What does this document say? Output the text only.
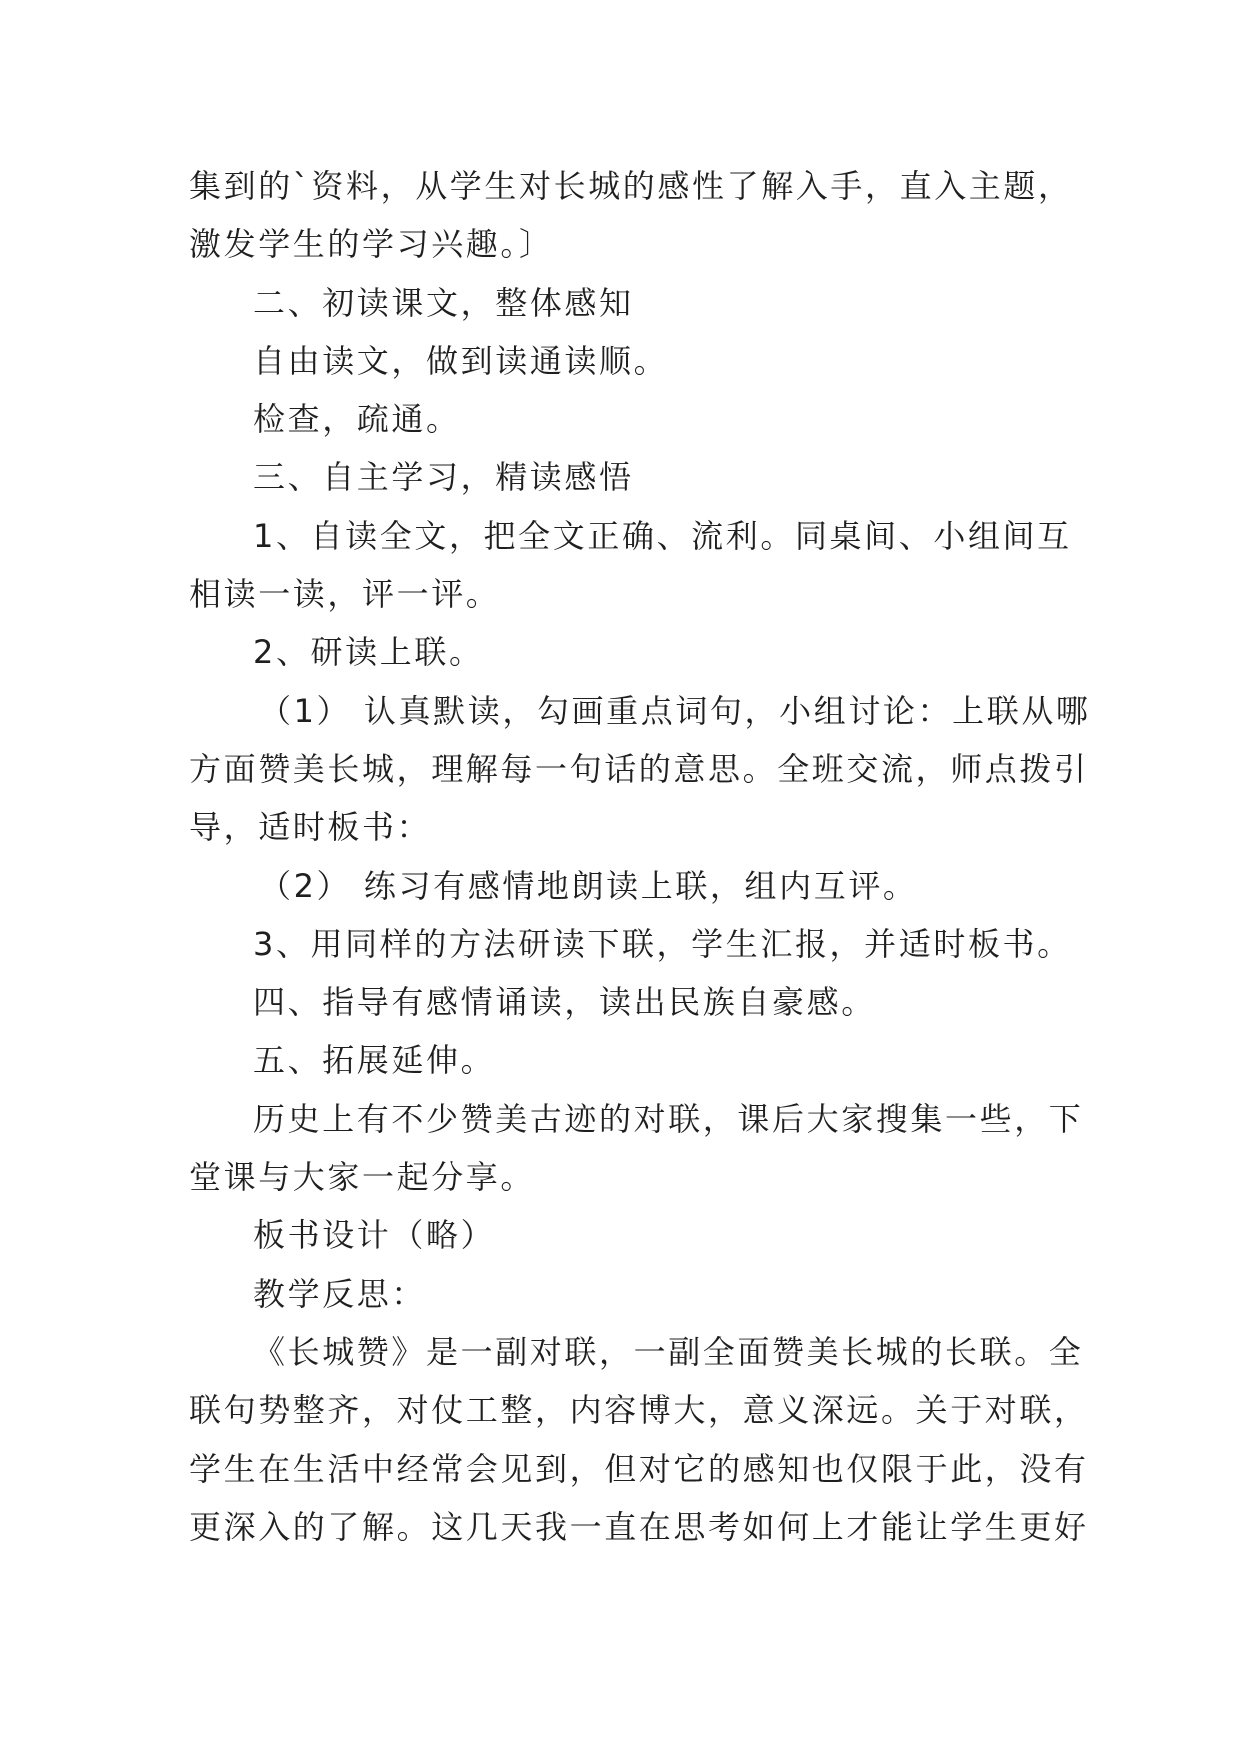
集到的`资料，从学生对长城的感性了解入手，直入主题，
激发学生的学习兴趣。〕
二、初读课文，整体感知
自由读文，做到读通读顺。
检查，疏通。
三、自主学习，精读感悟
1、自读全文，把全文正确、流利。同桌间、小组间互
相读一读，评一评。
2、研读上联。
（1） 认真默读，勾画重点词句，小组讨论：上联从哪
方面赞美长城，理解每一句话的意思。全班交流，师点拨引
导，适时板书：
（2） 练习有感情地朗读上联，组内互评。
3、用同样的方法研读下联，学生汇报，并适时板书。
四、指导有感情诵读，读出民族自豪感。
五、拓展延伸。
历史上有不少赞美古迹的对联，课后大家搜集一些，下
堂课与大家一起分享。
板书设计（略）
教学反思：
《长城赞》是一副对联，一副全面赞美长城的长联。全
联句势整齐，对仗工整，内容博大，意义深远。关于对联，
学生在生活中经常会见到，但对它的感知也仅限于此，没有
更深入的了解。这几天我一直在思考如何上才能让学生更好
